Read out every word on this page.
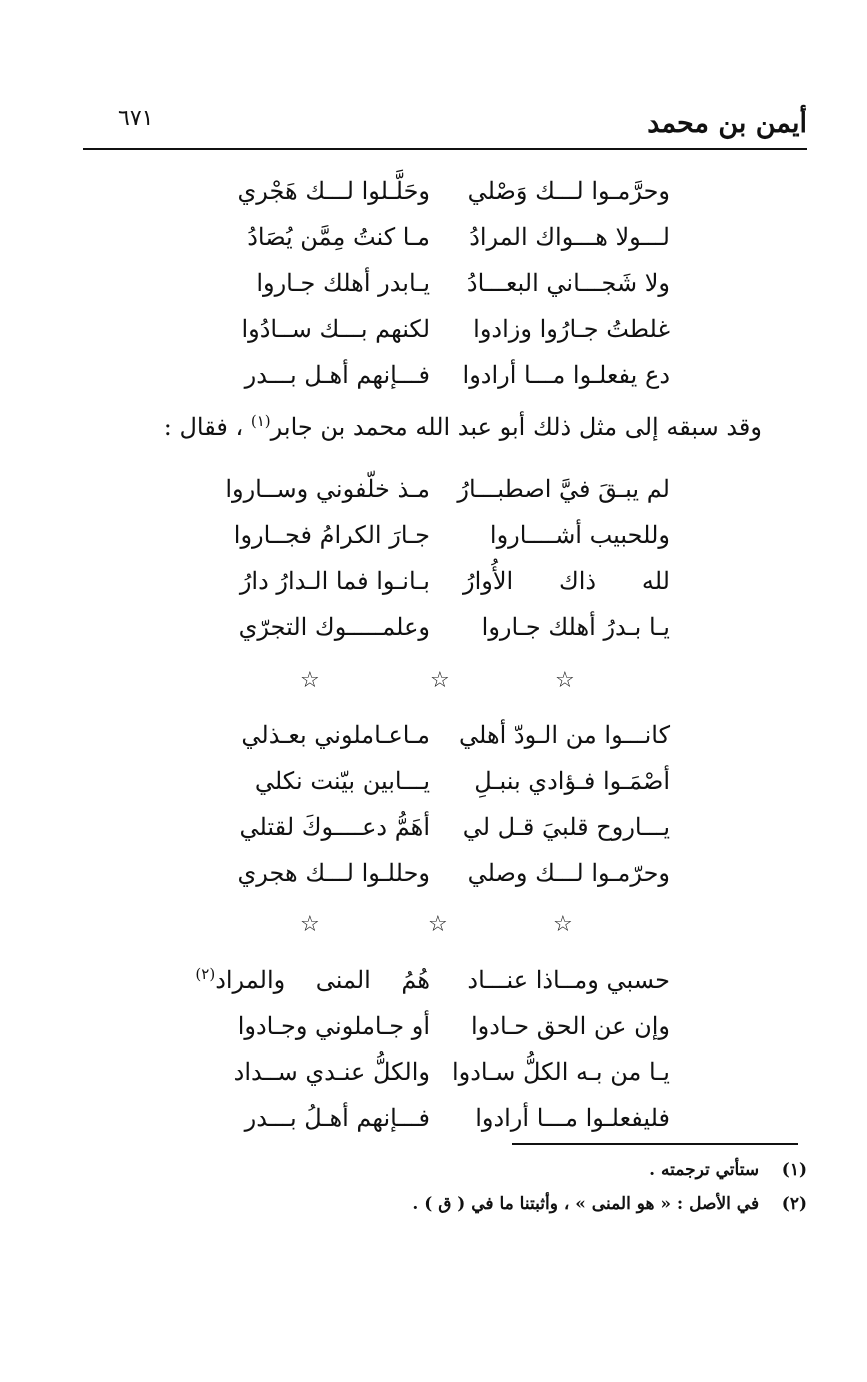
أيمن بن محمد
٦٧١
وحرَّمـوا لـــك وَصْلي
وحَلَّـلوا لـــك هَجْري
لـــولا هـــواك المرادُ
مـا كنتُ مِمَّن يُصَادُ
ولا شَجـــاني البعـــادُ
يـابدر أهلك جـاروا
غلطتُ جـارُوا وزادوا
لكنهم بـــك ســادُوا
دع يفعلـوا مـــا أرادوا
فـــإنهم أهـل بـــدر
وقد سبقه إلى مثل ذلك أبو عبد الله محمد بن جابر$^{(١)}$ ، فقال :
لم يبـقَ فيَّ اصطبـــارُ
مـذ خلّفوني وســاروا
وللحبيب أشــــاروا
جـارَ الكرامُ فجــاروا
لله      ذاك      الأُوارُ
بـانـوا فما الـدارُ دارُ
يـا بـدرُ أهلك جـاروا
وعلمـــــوك التجرّي
☆	☆	☆
كانـــوا من الـودّ أهلي
مـاعـاملوني بعـذلي
أصْمَـوا فـؤادي بنبـلِ
يـــابين بيّنت نكلي
يـــاروح قلبيَ قـل لي
أهَمُّ دعــــوكَ لقتلي
وحرّمـوا لـــك وصلي
وحللـوا لـــك هجري
☆	☆	☆
حسبي ومــاذا عنـــاد
هُمُ    المنى    والمراد$^{(٢)}$
وإن عن الحق حـادوا
أو جـاملوني وجـادوا
يـا من بـه الكلُّ سـادوا
والكلُّ عنـدي ســداد
فليفعلـوا مـــا أرادوا
فـــإنهم أهـلُ بـــدر
(١) ستأتي ترجمته .
(٢) في الأصل : « هو المنى » ، وأثبتنا ما في ( ق ) .
